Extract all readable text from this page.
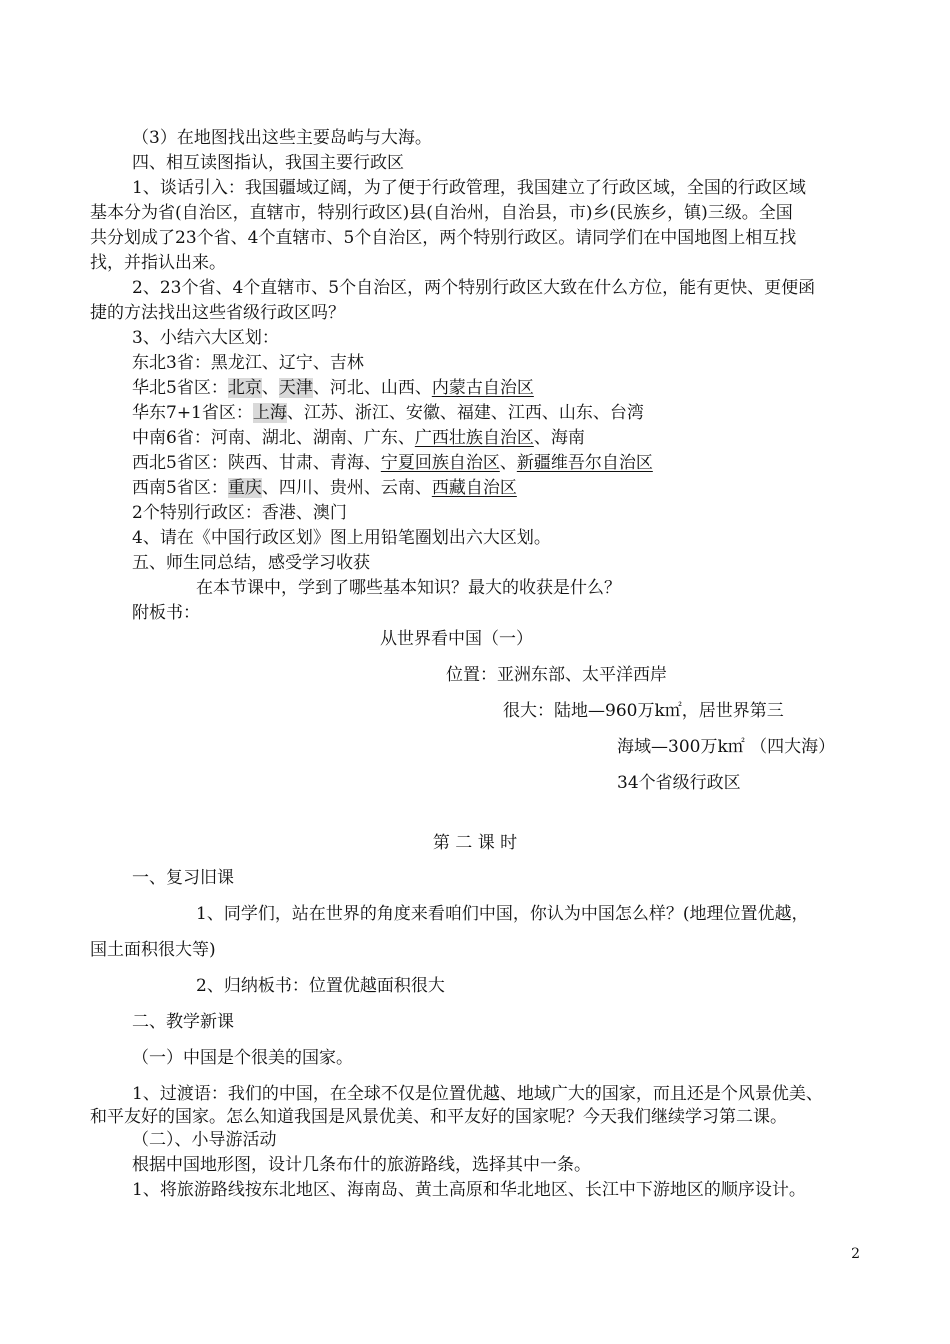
（3）在地图找出这些主要岛屿与大海。
四、相互读图指认，我国主要行政区
1、谈话引入：我国疆域辽阔，为了便于行政管理，我国建立了行政区域，全国的行政区域
基本分为省(自治区，直辖市，特别行政区)县(自治州，自治县，市)乡(民族乡，镇)三级。全国
共分划成了23个省、4个直辖市、5个自治区，两个特别行政区。请同学们在中国地图上相互找
找，并指认出来。
2、23个省、4个直辖市、5个自治区，两个特别行政区大致在什么方位，能有更快、更便函
捷的方法找出这些省级行政区吗？
3、小结六大区划：
东北3省：黑龙江、辽宁、吉林
华北5省区：北京、天津、河北、山西、内蒙古自治区
华东7+1省区：上海、江苏、浙江、安徽、福建、江西、山东、台湾
中南6省：河南、湖北、湖南、广东、广西壮族自治区、海南
西北5省区：陕西、甘肃、青海、宁夏回族自治区、新疆维吾尔自治区
西南5省区：重庆、四川、贵州、云南、西藏自治区
2个特别行政区：香港、澳门
4、请在《中国行政区划》图上用铅笔圈划出六大区划。
五、师生同总结，感受学习收获
在本节课中，学到了哪些基本知识？最大的收获是什么？
附板书：
从世界看中国（一）
位置：亚洲东部、太平洋西岸
很大：陆地—960万k㎡，居世界第三
海域—300万k㎡ （四大海）
34个省级行政区
第 二 课 时
一、复习旧课
1、同学们，站在世界的角度来看咱们中国，你认为中国怎么样？(地理位置优越，
国土面积很大等)
2、归纳板书：位置优越面积很大
二、教学新课
（一）中国是个很美的国家。
1、过渡语：我们的中国，在全球不仅是位置优越、地域广大的国家，而且还是个风景优美、
和平友好的国家。怎么知道我国是风景优美、和平友好的国家呢？今天我们继续学习第二课。
（二）、小导游活动
根据中国地形图，设计几条布什的旅游路线，选择其中一条。
1、将旅游路线按东北地区、海南岛、黄土高原和华北地区、长江中下游地区的顺序设计。
2
